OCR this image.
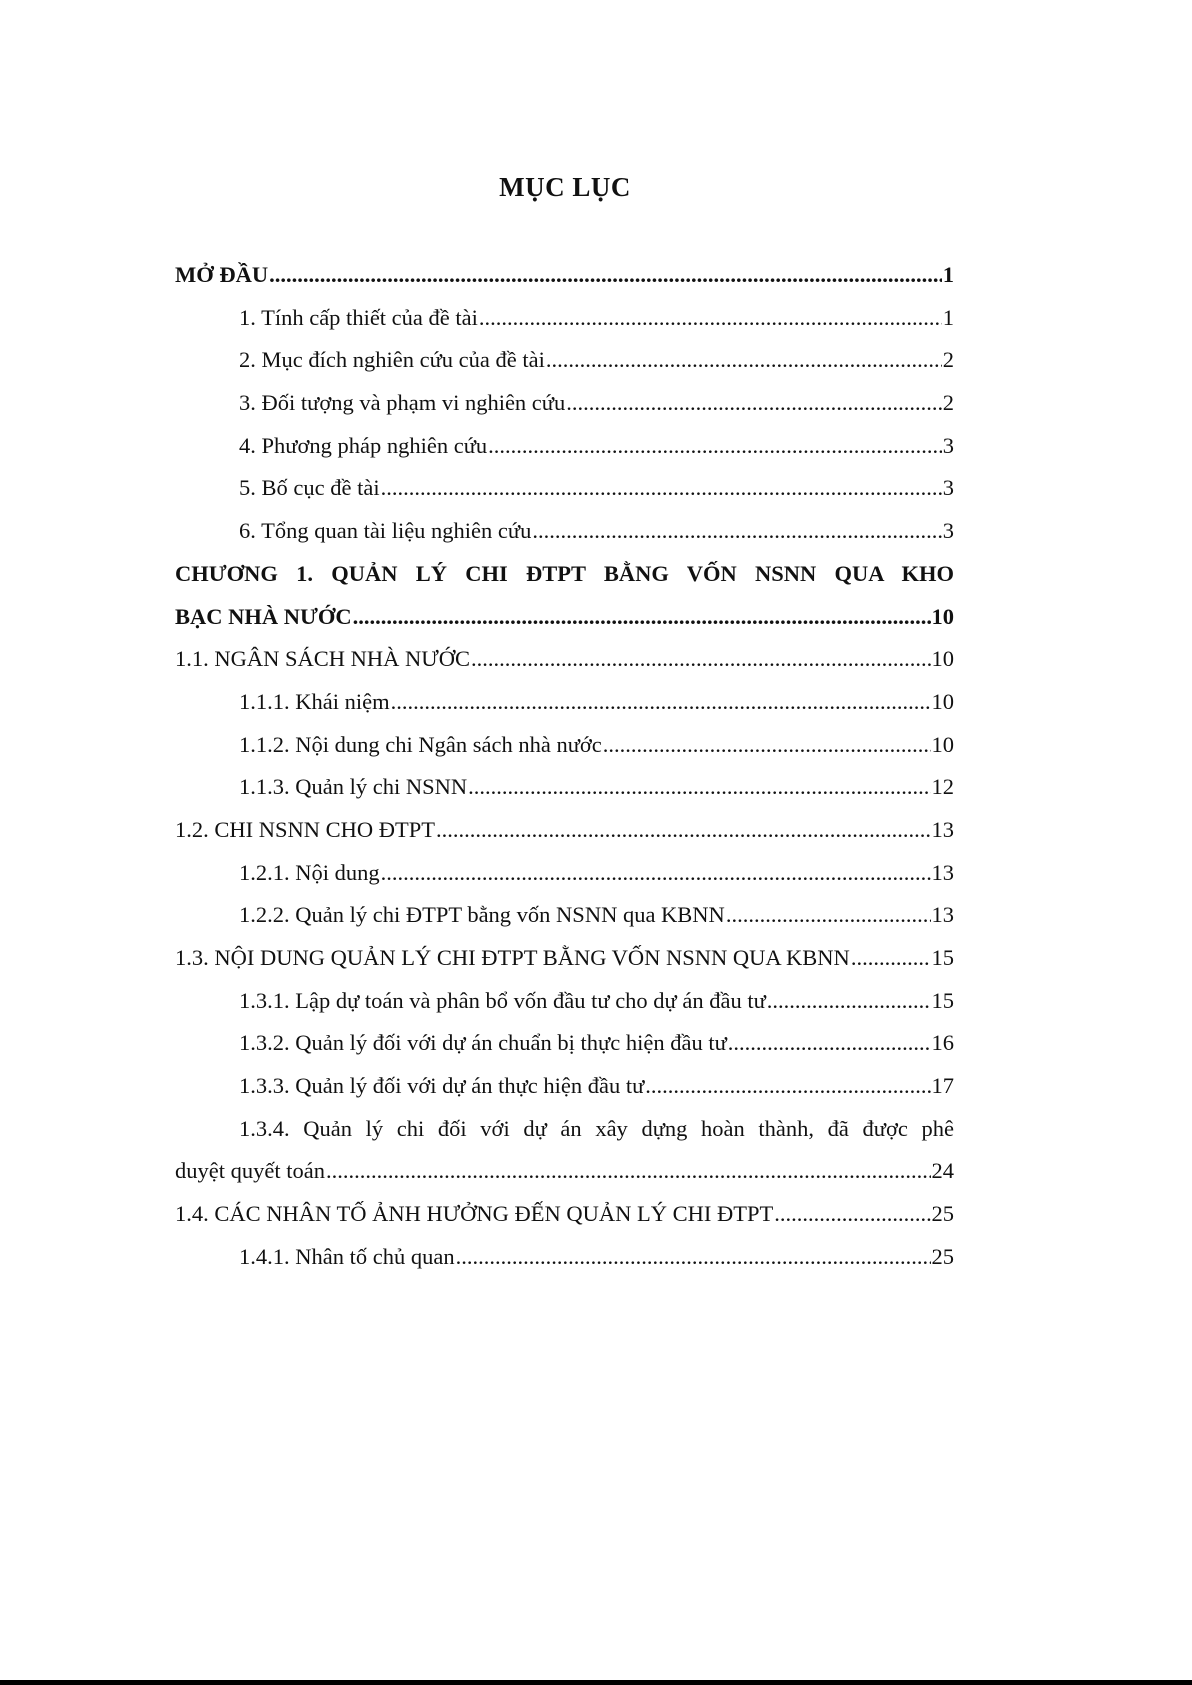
MỤC LỤC
MỞ ĐẦU .....	1
1. Tính cấp thiết của đề tài .....	1
2. Mục đích nghiên cứu của đề tài .....	2
3. Đối tượng và phạm vi nghiên cứu .....	2
4. Phương pháp nghiên cứu .....	3
5. Bố cục đề tài .....	3
6. Tổng quan tài liệu nghiên cứu .....	3
CHƯƠNG 1. QUẢN LÝ CHI ĐTPT BẰNG VỐN NSNN QUA KHO
BẠC NHÀ NƯỚC .....	10
1.1. NGÂN SÁCH NHÀ NƯỚC .....	10
1.1.1. Khái niệm .....	10
1.1.2. Nội dung chi Ngân sách nhà nước .....	10
1.1.3. Quản lý chi NSNN .....	12
1.2. CHI NSNN CHO ĐTPT .....	13
1.2.1. Nội dung .....	13
1.2.2. Quản lý chi ĐTPT bằng vốn NSNN qua KBNN .....	13
1.3. NỘI DUNG QUẢN LÝ CHI ĐTPT BẰNG VỐN NSNN QUA KBNN .....	15
1.3.1. Lập dự toán và phân bổ vốn đầu tư cho dự án đầu tư .....	15
1.3.2. Quản lý đối với dự án chuẩn bị thực hiện đầu tư .....	16
1.3.3. Quản lý đối với dự án thực hiện đầu tư .....	17
1.3.4. Quản lý chi đối với dự án xây dựng hoàn thành, đã được phê
duyệt quyết toán .....	24
1.4. CÁC NHÂN TỐ ẢNH HƯỞNG ĐẾN QUẢN LÝ CHI ĐTPT .....	25
1.4.1. Nhân tố chủ quan .....	25
